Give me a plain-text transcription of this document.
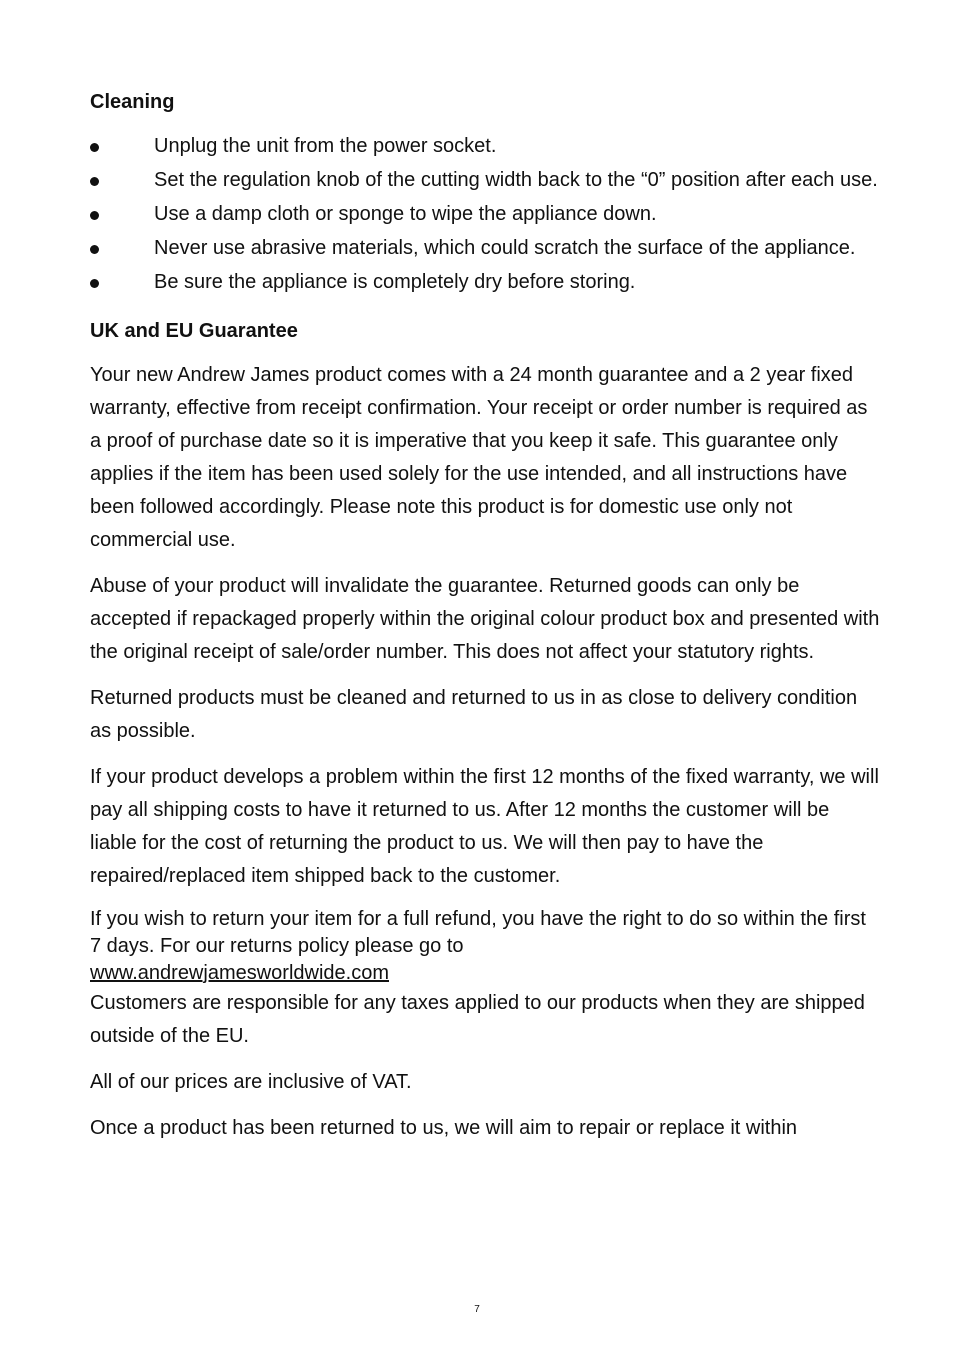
Cleaning
Unplug the unit from the power socket.
Set the regulation knob of the cutting width back to the “0” position after each use.
Use a damp cloth or sponge to wipe the appliance down.
Never use abrasive materials, which could scratch the surface of the appliance.
Be sure the appliance is completely dry before storing.
UK and EU Guarantee

Your new Andrew James product comes with a 24 month guarantee and a 2 year fixed warranty, effective from receipt confirmation. Your receipt or order number is required as a proof of purchase date so it is imperative that you keep it safe. This guarantee only applies if the item has been used solely for the use intended, and all instructions have been followed accordingly. Please note this product is for domestic use only not commercial use.

Abuse of your product will invalidate the guarantee. Returned goods can only be accepted if repackaged properly within the original colour product box and presented with the original receipt of sale/order number. This does not affect your statutory rights.

Returned products must be cleaned and returned to us in as close to delivery condition as possible.

If your product develops a problem within the first 12 months of the fixed warranty, we will pay all shipping costs to have it returned to us. After 12 months the customer will be liable for the cost of returning the product to us. We will then pay to have the repaired/replaced item shipped back to the customer.

If you wish to return your item for a full refund, you have the right to do so within the first 7 days. For our returns policy please go to

www.andrewjamesworldwide.com

Customers are responsible for any taxes applied to our products when they are shipped outside of the EU.

All of our prices are inclusive of VAT.

Once a product has been returned to us, we will aim to repair or replace it within

7
